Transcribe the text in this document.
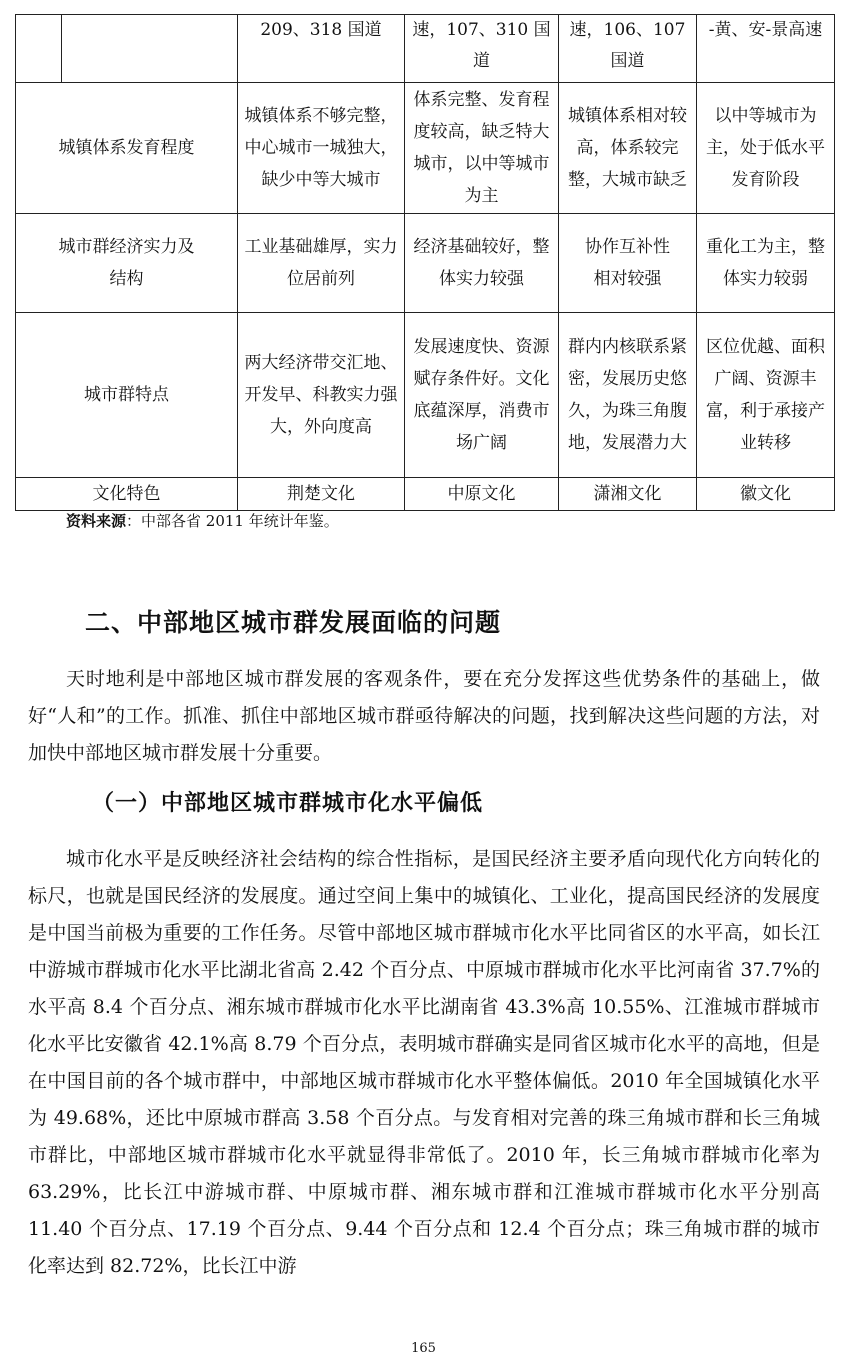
		209、318 国道	速，107、310 国道	速，106、107 国道	-黄、安-景高速
城镇体系发育程度		城镇体系不够完整，中心城市一城独大，缺少中等大城市	体系完整、发育程度较高，缺乏特大城市，以中等城市为主	城镇体系相对较高，体系较完整，大城市缺乏	以中等城市为主，处于低水平发育阶段
城市群经济实力及结构		工业基础雄厚，实力位居前列	经济基础较好，整体实力较强	协作互补性相对较强	重化工为主，整体实力较弱
城市群特点		两大经济带交汇地、开发早、科教实力强大，外向度高	发展速度快、资源赋存条件好。文化底蕴深厚，消费市场广阔	群内内核联系紧密，发展历史悠久，为珠三角腹地，发展潜力大	区位优越、面积广阔、资源丰富，利于承接产业转移
文化特色		荆楚文化	中原文化	潇湘文化	徽文化
资料来源：中部各省 2011 年统计年鉴。
二、中部地区城市群发展面临的问题

天时地利是中部地区城市群发展的客观条件，要在充分发挥这些优势条件的基础上，做好“人和”的工作。抓准、抓住中部地区城市群亟待解决的问题，找到解决这些问题的方法，对加快中部地区城市群发展十分重要。

（一）中部地区城市群城市化水平偏低

城市化水平是反映经济社会结构的综合性指标，是国民经济主要矛盾向现代化方向转化的标尺，也就是国民经济的发展度。通过空间上集中的城镇化、工业化，提高国民经济的发展度是中国当前极为重要的工作任务。尽管中部地区城市群城市化水平比同省区的水平高，如长江中游城市群城市化水平比湖北省高 2.42 个百分点、中原城市群城市化水平比河南省 37.7%的水平高 8.4 个百分点、湘东城市群城市化水平比湖南省 43.3%高 10.55%、江淮城市群城市化水平比安徽省 42.1%高 8.79 个百分点，表明城市群确实是同省区城市化水平的高地，但是在中国目前的各个城市群中，中部地区城市群城市化水平整体偏低。2010 年全国城镇化水平为 49.68%，还比中原城市群高 3.58 个百分点。与发育相对完善的珠三角城市群和长三角城市群比，中部地区城市群城市化水平就显得非常低了。2010 年，长三角城市群城市化率为 63.29%，比长江中游城市群、中原城市群、湘东城市群和江淮城市群城市化水平分别高 11.40 个百分点、17.19 个百分点、9.44 个百分点和 12.4 个百分点；珠三角城市群的城市化率达到 82.72%，比长江中游

165
